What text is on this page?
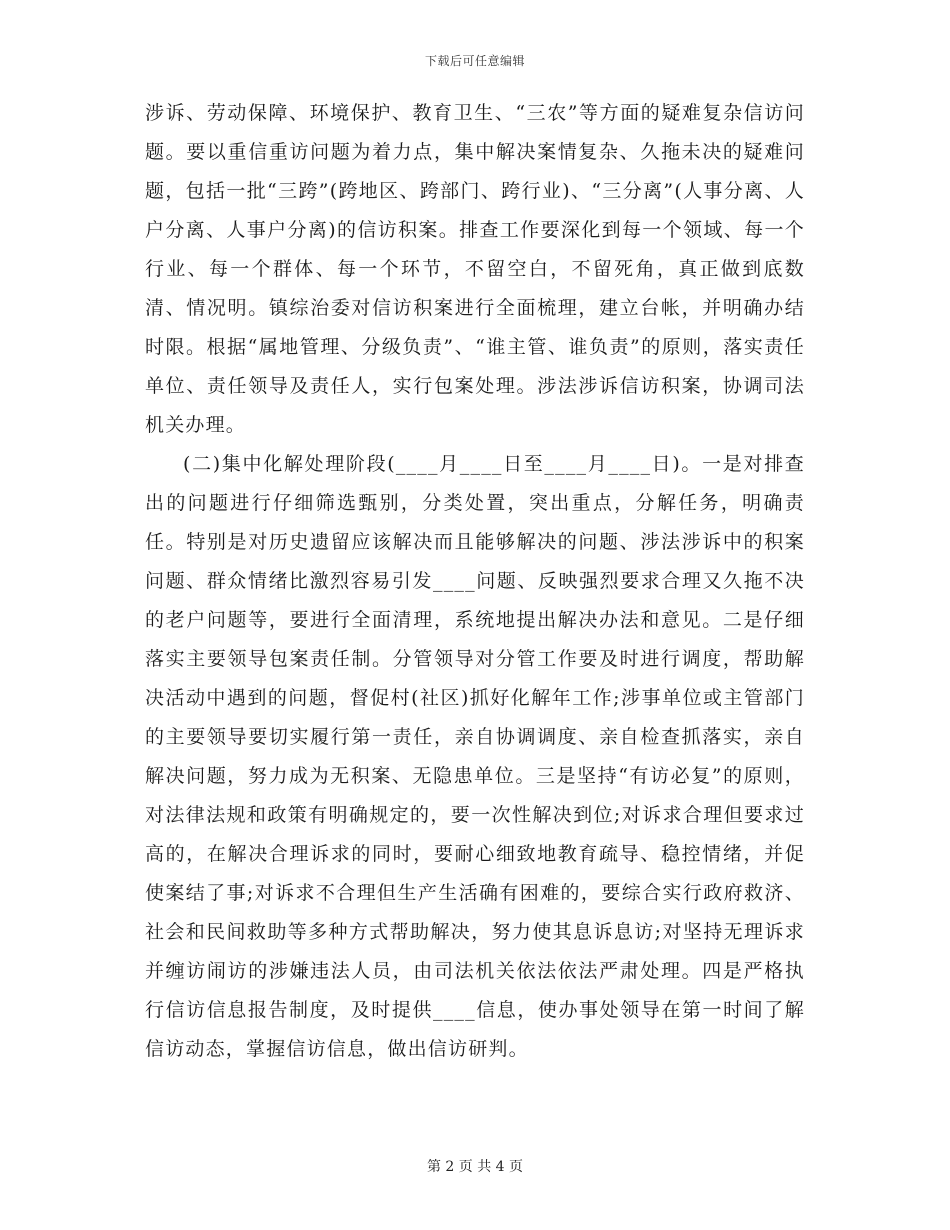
下载后可任意编辑

涉诉、劳动保障、环境保护、教育卫生、“三农”等方面的疑难复杂信访问题。要以重信重访问题为着力点，集中解决案情复杂、久拖未决的疑难问题，包括一批“三跨”(跨地区、跨部门、跨行业)、“三分离”(人事分离、人户分离、人事户分离)的信访积案。排查工作要深化到每一个领域、每一个行业、每一个群体、每一个环节，不留空白，不留死角，真正做到底数清、情况明。镇综治委对信访积案进行全面梳理，建立台帐，并明确办结时限。根据“属地管理、分级负责”、“谁主管、谁负责”的原则，落实责任单位、责任领导及责任人，实行包案处理。涉法涉诉信访积案，协调司法机关办理。

(二)集中化解处理阶段(____月____日至____月____日)。一是对排查出的问题进行仔细筛选甄别，分类处置，突出重点，分解任务，明确责任。特别是对历史遗留应该解决而且能够解决的问题、涉法涉诉中的积案问题、群众情绪比激烈容易引发____问题、反映强烈要求合理又久拖不决的老户问题等，要进行全面清理，系统地提出解决办法和意见。二是仔细落实主要领导包案责任制。分管领导对分管工作要及时进行调度，帮助解决活动中遇到的问题，督促村(社区)抓好化解年工作;涉事单位或主管部门的主要领导要切实履行第一责任，亲自协调调度、亲自检查抓落实，亲自解决问题，努力成为无积案、无隐患单位。三是坚持“有访必复”的原则，对法律法规和政策有明确规定的，要一次性解决到位;对诉求合理但要求过高的，在解决合理诉求的同时，要耐心细致地教育疏导、稳控情绪，并促使案结了事;对诉求不合理但生产生活确有困难的，要综合实行政府救济、社会和民间救助等多种方式帮助解决，努力使其息诉息访;对坚持无理诉求并缠访闹访的涉嫌违法人员，由司法机关依法依法严肃处理。四是严格执行信访信息报告制度，及时提供____信息，使办事处领导在第一时间了解信访动态，掌握信访信息，做出信访研判。

第 2 页 共 4 页
